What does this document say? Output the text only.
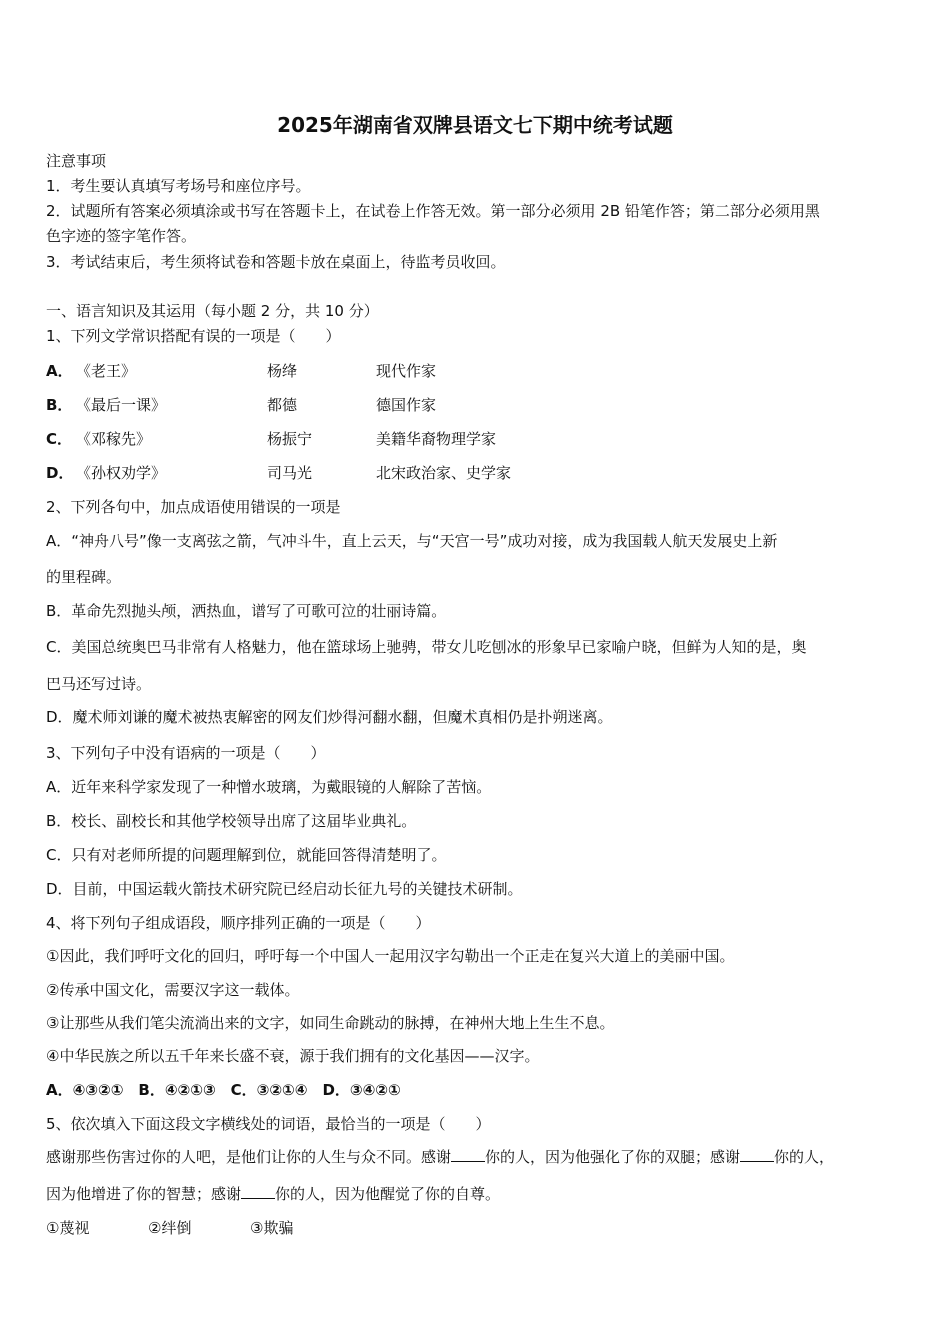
2025年湖南省双牌县语文七下期中统考试题
注意事项
1．考生要认真填写考场号和座位序号。
2．试题所有答案必须填涂或书写在答题卡上，在试卷上作答无效。第一部分必须用 2B 铅笔作答；第二部分必须用黑
色字迹的签字笔作答。
3．考试结束后，考生须将试卷和答题卡放在桌面上，待监考员收回。
一、语言知识及其运用（每小题 2 分，共 10 分）
1、下列文学常识搭配有误的一项是（　　）
A． 《老王》	杨绛	现代作家
B． 《最后一课》	都德	德国作家
C． 《邓稼先》	杨振宁	美籍华裔物理学家
D． 《孙权劝学》	司马光	北宋政治家、史学家
2、下列各句中，加点成语使用错误的一项是
A．“神舟八号”像一支离弦之箭，气冲斗牛，直上云天，与“天宫一号”成功对接，成为我国载人航天发展史上新
的里程碑。
B．革命先烈抛头颅，洒热血，谱写了可歌可泣的壮丽诗篇。
C．美国总统奥巴马非常有人格魅力，他在篮球场上驰骋，带女儿吃刨冰的形象早已家喻户晓，但鲜为人知的是，奥
巴马还写过诗。
D．魔术师刘谦的魔术被热衷解密的网友们炒得河翻水翻，但魔术真相仍是扑朔迷离。
3、下列句子中没有语病的一项是（　　）
A．近年来科学家发现了一种憎水玻璃，为戴眼镜的人解除了苦恼。
B．校长、副校长和其他学校领导出席了这届毕业典礼。
C．只有对老师所提的问题理解到位，就能回答得清楚明了。
D．目前，中国运载火箭技术研究院已经启动长征九号的关键技术研制。
4、将下列句子组成语段，顺序排列正确的一项是（　　）
①因此，我们呼吁文化的回归，呼吁每一个中国人一起用汉字勾勒出一个正走在复兴大道上的美丽中国。
②传承中国文化，需要汉字这一载体。
③让那些从我们笔尖流淌出来的文字，如同生命跳动的脉搏，在神州大地上生生不息。
④中华民族之所以五千年来长盛不衰，源于我们拥有的文化基因——汉字。
A．④③②①　B．④②①③　C．③②①④　D．③④②①
5、依次填入下面这段文字横线处的词语，最恰当的一项是（　　）
感谢那些伤害过你的人吧，是他们让你的人生与众不同。感谢 你的人，因为他强化了你的双腿；感谢 你的人，
因为他增进了你的智慧；感谢 你的人，因为他醒觉了你的自尊。
①蔑视	②绊倒	③欺骗
